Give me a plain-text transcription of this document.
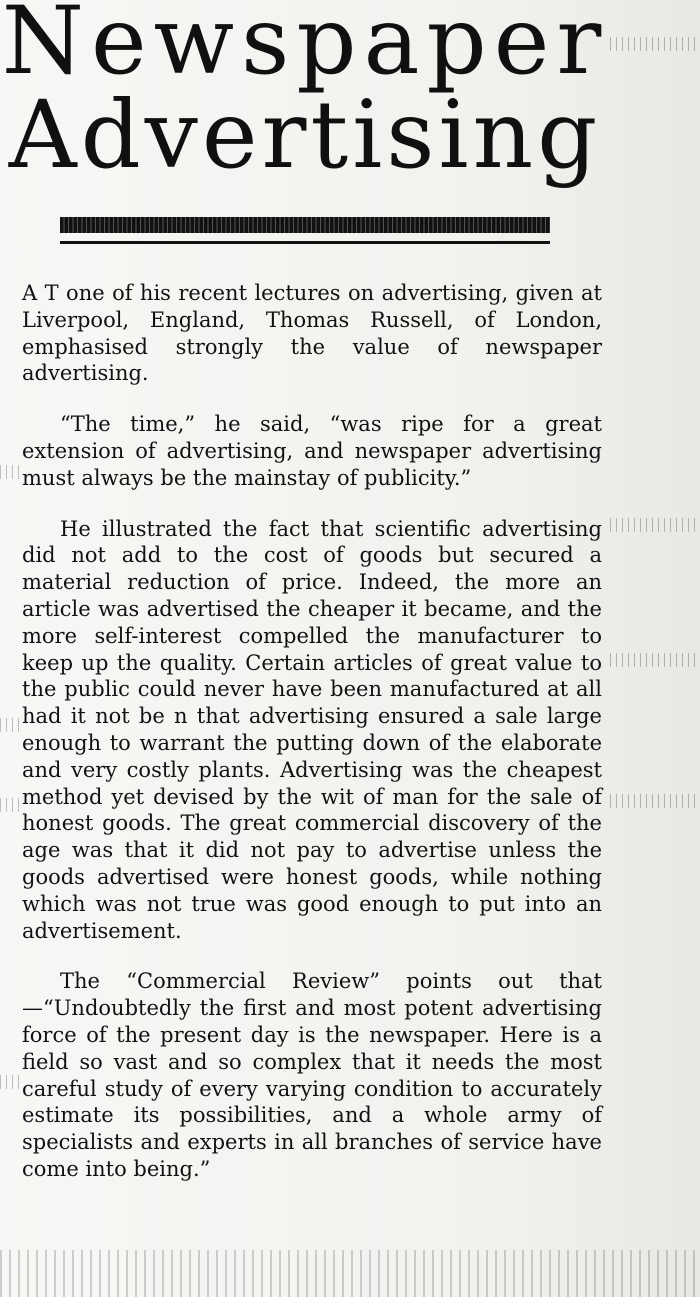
Newspaper
Advertising

A T one of his recent lectures on advertising, given at Liverpool, England, Thomas Russell, of London, emphasised strongly the value of newspaper advertising.

“The time,” he said, “was ripe for a great extension of advertising, and newspaper advertising must always be the mainstay of publicity.”

He illustrated the fact that scientific advertising did not add to the cost of goods but secured a material reduction of price. Indeed, the more an article was advertised the cheaper it became, and the more self-interest compelled the manufacturer to keep up the quality. Certain articles of great value to the public could never have been manufactured at all had it not be n that advertising ensured a sale large enough to warrant the putting down of the elaborate and very costly plants. Advertising was the cheapest method yet devised by the wit of man for the sale of honest goods. The great commercial discovery of the age was that it did not pay to advertise unless the goods advertised were honest goods, while nothing which was not true was good enough to put into an advertisement.

The “Commercial Review” points out that—“Undoubtedly the first and most potent advertising force of the present day is the newspaper. Here is a field so vast and so complex that it needs the most careful study of every varying condition to accurately estimate its possibilities, and a whole army of specialists and experts in all branches of service have come into being.”
